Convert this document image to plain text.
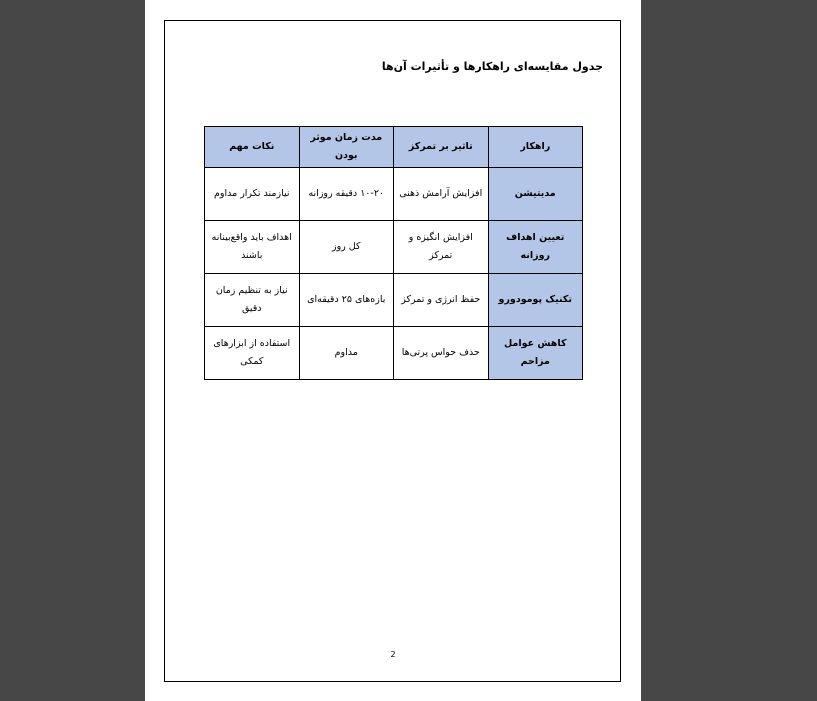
جدول مقایسه‌ای راهکارها و تأثیرات آن‌ها
راهکار	تاثیر بر تمرکز	مدت زمان موثر بودن	نکات مهم
مدیتیشن	افزایش آرامش ذهنی	۱۰-۲۰ دقیقه روزانه	نیازمند تکرار مداوم
تعیین اهداف روزانه	افزایش انگیزه و تمرکز	کل روز	اهداف باید واقع‌بینانه باشند
تکنیک پومودورو	حفظ انرژی و تمرکز	بازه‌های ۲۵ دقیقه‌ای	نیاز به تنظیم زمان دقیق
کاهش عوامل مزاحم	حذف حواس پرتی‌ها	مداوم	استفاده از ابزارهای کمکی
2
